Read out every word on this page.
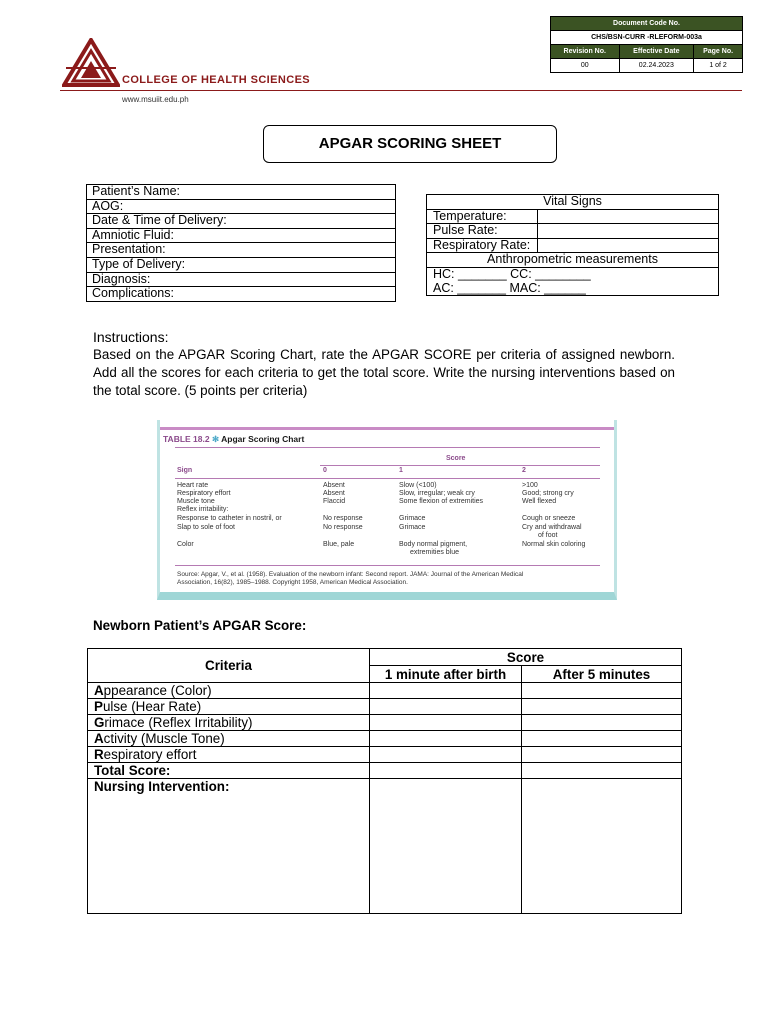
COLLEGE OF HEALTH SCIENCES
www.msuiit.edu.ph
Document Code No.		
CHS/BSN-CURR -RLEFORM-003a		
Revision No.	Effective Date	Page No.
00	02.24.2023	1 of 2
APGAR SCORING SHEET
Patient’s Name:
AOG:
Date & Time of Delivery:
Amniotic Fluid:
Presentation:
Type of Delivery:
Diagnosis:
Complications:
Vital Signs	
Temperature:	
Pulse Rate:	
Respiratory Rate:	
Anthropometric measurements	
HC: _______ CC: ________	
AC: _______ MAC: ______	
Instructions:
Based on the APGAR Scoring Chart, rate the APGAR SCORE per criteria of assigned newborn. Add all the scores for each criteria to get the total score. Write the nursing interventions based on the total score. (5 points per criteria)
TABLE 18.2 ✻ Apgar Scoring Chart
Score
Sign	0	1	2
Heart rate	Absent	Slow (<100)	>100
Respiratory effort	Absent	Slow, irregular; weak cry	Good; strong cry
Muscle tone	Flaccid	Some flexion of extremities	Well flexed
Reflex irritability:
Response to catheter in nostril, or	No response	Grimace	Cough or sneeze
Slap to sole of foot	No response	Grimace	Cry and withdrawal
of foot
Color	Blue, pale	Body normal pigment,	Normal skin coloring
extremities blue
Source: Apgar, V., et al. (1958). Evaluation of the newborn infant: Second report. JAMA: Journal of the American Medical
Association, 16(82), 1985–1988. Copyright 1958, American Medical Association.
Newborn Patient’s APGAR Score:
Criteria	Score	
	1 minute after birth	After 5 minutes
Appearance (Color)		
Pulse (Hear Rate)		
Grimace (Reflex Irritability)		
Activity (Muscle Tone)		
Respiratory effort		
Total Score:		
Nursing Intervention:		
